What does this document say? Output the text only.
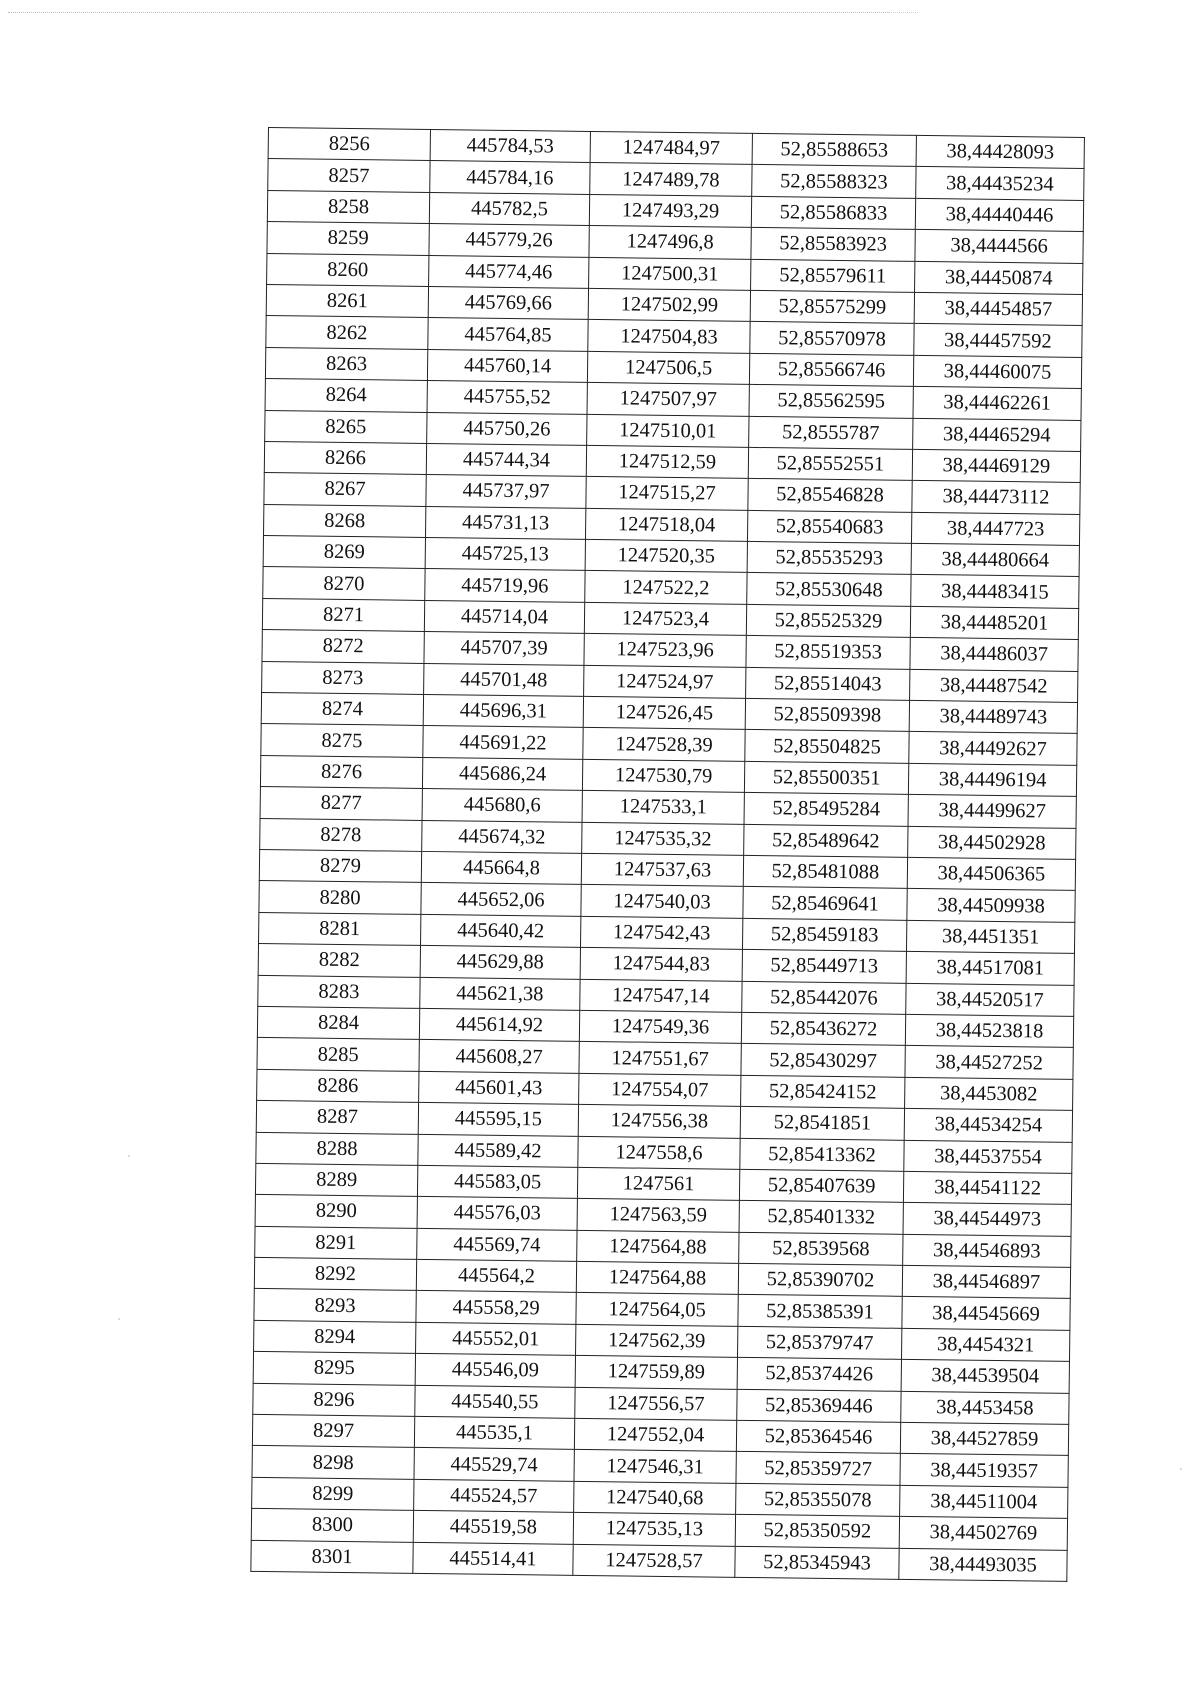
8256	445784,53	1247484,97	52,85588653	38,44428093
8257	445784,16	1247489,78	52,85588323	38,44435234
8258	445782,5	1247493,29	52,85586833	38,44440446
8259	445779,26	1247496,8	52,85583923	38,4444566
8260	445774,46	1247500,31	52,85579611	38,44450874
8261	445769,66	1247502,99	52,85575299	38,44454857
8262	445764,85	1247504,83	52,85570978	38,44457592
8263	445760,14	1247506,5	52,85566746	38,44460075
8264	445755,52	1247507,97	52,85562595	38,44462261
8265	445750,26	1247510,01	52,8555787	38,44465294
8266	445744,34	1247512,59	52,85552551	38,44469129
8267	445737,97	1247515,27	52,85546828	38,44473112
8268	445731,13	1247518,04	52,85540683	38,4447723
8269	445725,13	1247520,35	52,85535293	38,44480664
8270	445719,96	1247522,2	52,85530648	38,44483415
8271	445714,04	1247523,4	52,85525329	38,44485201
8272	445707,39	1247523,96	52,85519353	38,44486037
8273	445701,48	1247524,97	52,85514043	38,44487542
8274	445696,31	1247526,45	52,85509398	38,44489743
8275	445691,22	1247528,39	52,85504825	38,44492627
8276	445686,24	1247530,79	52,85500351	38,44496194
8277	445680,6	1247533,1	52,85495284	38,44499627
8278	445674,32	1247535,32	52,85489642	38,44502928
8279	445664,8	1247537,63	52,85481088	38,44506365
8280	445652,06	1247540,03	52,85469641	38,44509938
8281	445640,42	1247542,43	52,85459183	38,4451351
8282	445629,88	1247544,83	52,85449713	38,44517081
8283	445621,38	1247547,14	52,85442076	38,44520517
8284	445614,92	1247549,36	52,85436272	38,44523818
8285	445608,27	1247551,67	52,85430297	38,44527252
8286	445601,43	1247554,07	52,85424152	38,4453082
8287	445595,15	1247556,38	52,8541851	38,44534254
8288	445589,42	1247558,6	52,85413362	38,44537554
8289	445583,05	1247561	52,85407639	38,44541122
8290	445576,03	1247563,59	52,85401332	38,44544973
8291	445569,74	1247564,88	52,8539568	38,44546893
8292	445564,2	1247564,88	52,85390702	38,44546897
8293	445558,29	1247564,05	52,85385391	38,44545669
8294	445552,01	1247562,39	52,85379747	38,4454321
8295	445546,09	1247559,89	52,85374426	38,44539504
8296	445540,55	1247556,57	52,85369446	38,4453458
8297	445535,1	1247552,04	52,85364546	38,44527859
8298	445529,74	1247546,31	52,85359727	38,44519357
8299	445524,57	1247540,68	52,85355078	38,44511004
8300	445519,58	1247535,13	52,85350592	38,44502769
8301	445514,41	1247528,57	52,85345943	38,44493035
